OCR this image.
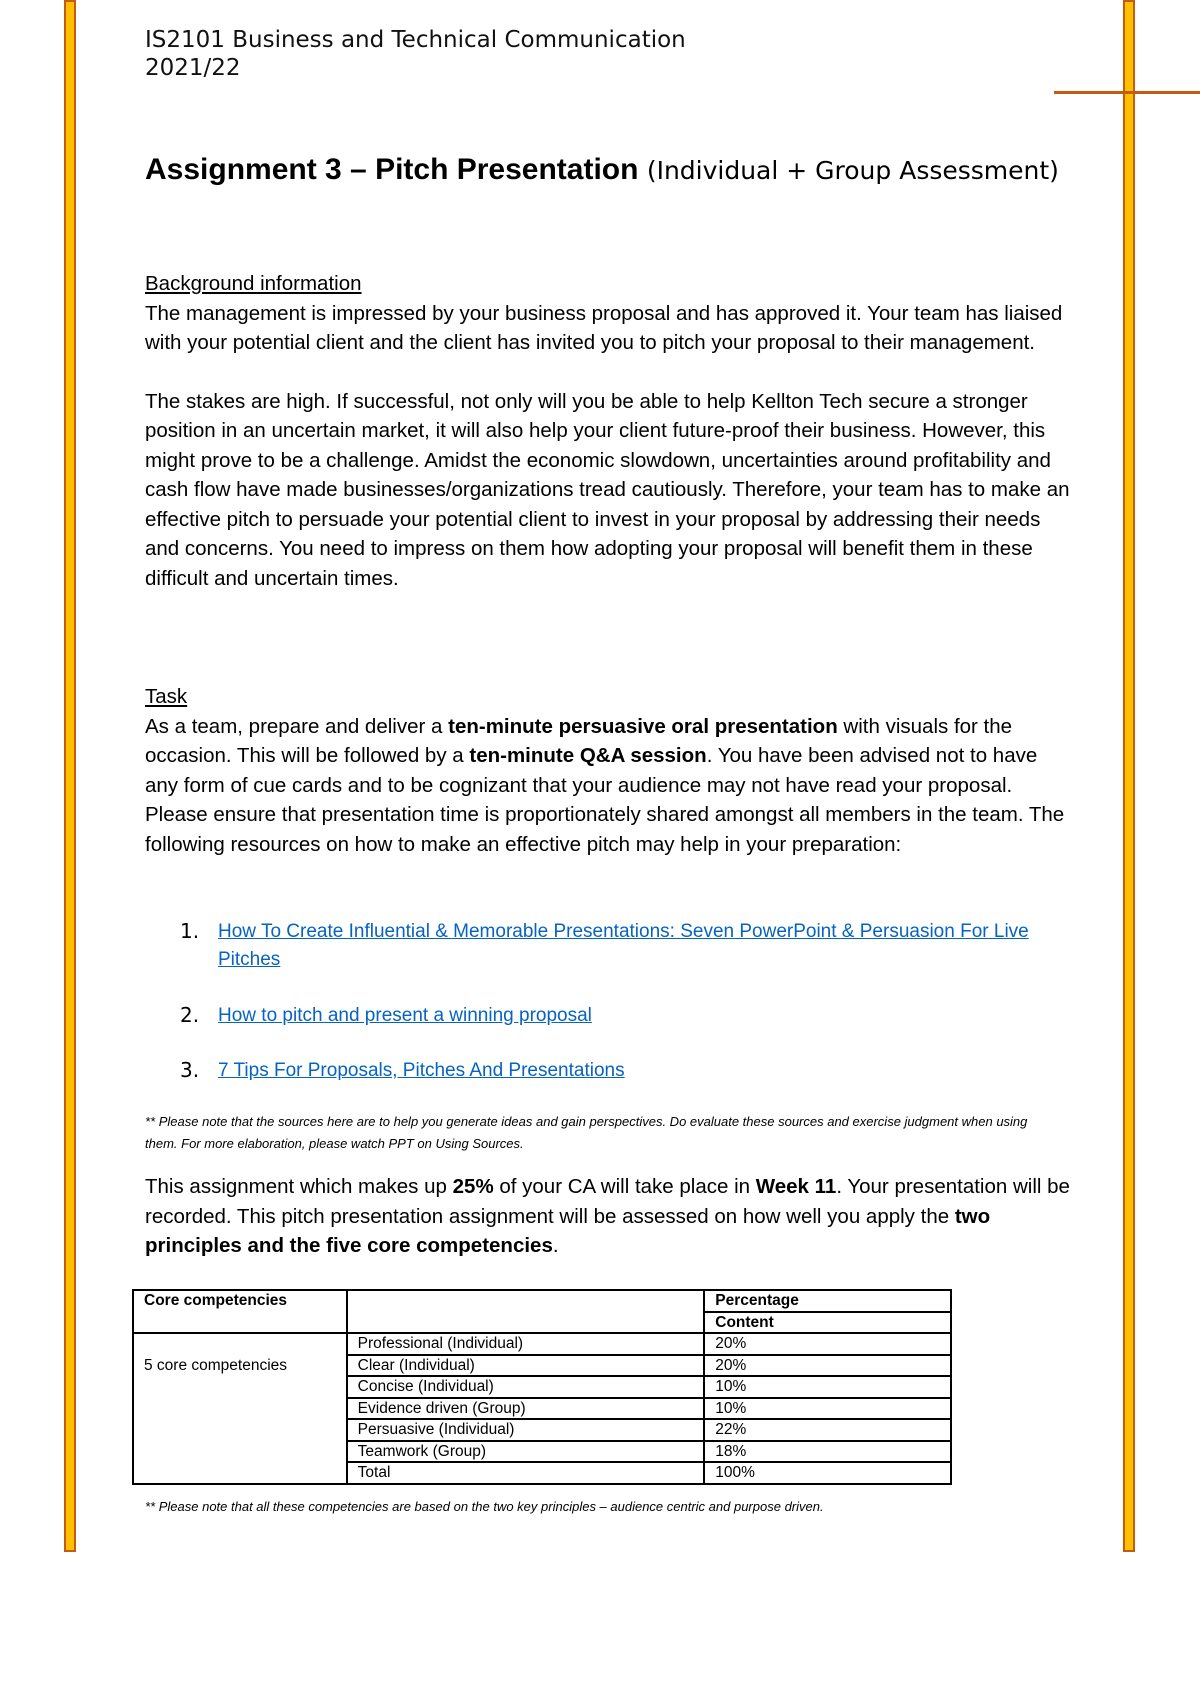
IS2101 Business and Technical Communication
2021/22
Assignment 3 – Pitch Presentation (Individual + Group Assessment)
Background information
The management is impressed by your business proposal and has approved it. Your team has liaised with your potential client and the client has invited you to pitch your proposal to their management.
The stakes are high. If successful, not only will you be able to help Kellton Tech secure a stronger position in an uncertain market, it will also help your client future-proof their business. However, this might prove to be a challenge. Amidst the economic slowdown, uncertainties around profitability and cash flow have made businesses/organizations tread cautiously. Therefore, your team has to make an effective pitch to persuade your potential client to invest in your proposal by addressing their needs and concerns. You need to impress on them how adopting your proposal will benefit them in these difficult and uncertain times.
Task
As a team, prepare and deliver a ten-minute persuasive oral presentation with visuals for the occasion. This will be followed by a ten-minute Q&A session. You have been advised not to have any form of cue cards and to be cognizant that your audience may not have read your proposal. Please ensure that presentation time is proportionately shared amongst all members in the team. The following resources on how to make an effective pitch may help in your preparation:
1. How To Create Influential & Memorable Presentations: Seven PowerPoint & Persuasion For Live Pitches
2. How to pitch and present a winning proposal
3. 7 Tips For Proposals, Pitches And Presentations
** Please note that the sources here are to help you generate ideas and gain perspectives. Do evaluate these sources and exercise judgment when using them. For more elaboration, please watch PPT on Using Sources.
This assignment which makes up 25% of your CA will take place in Week 11. Your presentation will be recorded. This pitch presentation assignment will be assessed on how well you apply the two principles and the five core competencies.
Core competencies		Percentage
		Content
5 core competencies	Professional (Individual)	20%
	Clear (Individual)	20%
	Concise (Individual)	10%
	Evidence driven (Group)	10%
	Persuasive (Individual)	22%
	Teamwork (Group)	18%
	Total	100%
** Please note that all these competencies are based on the two key principles – audience centric and purpose driven.
